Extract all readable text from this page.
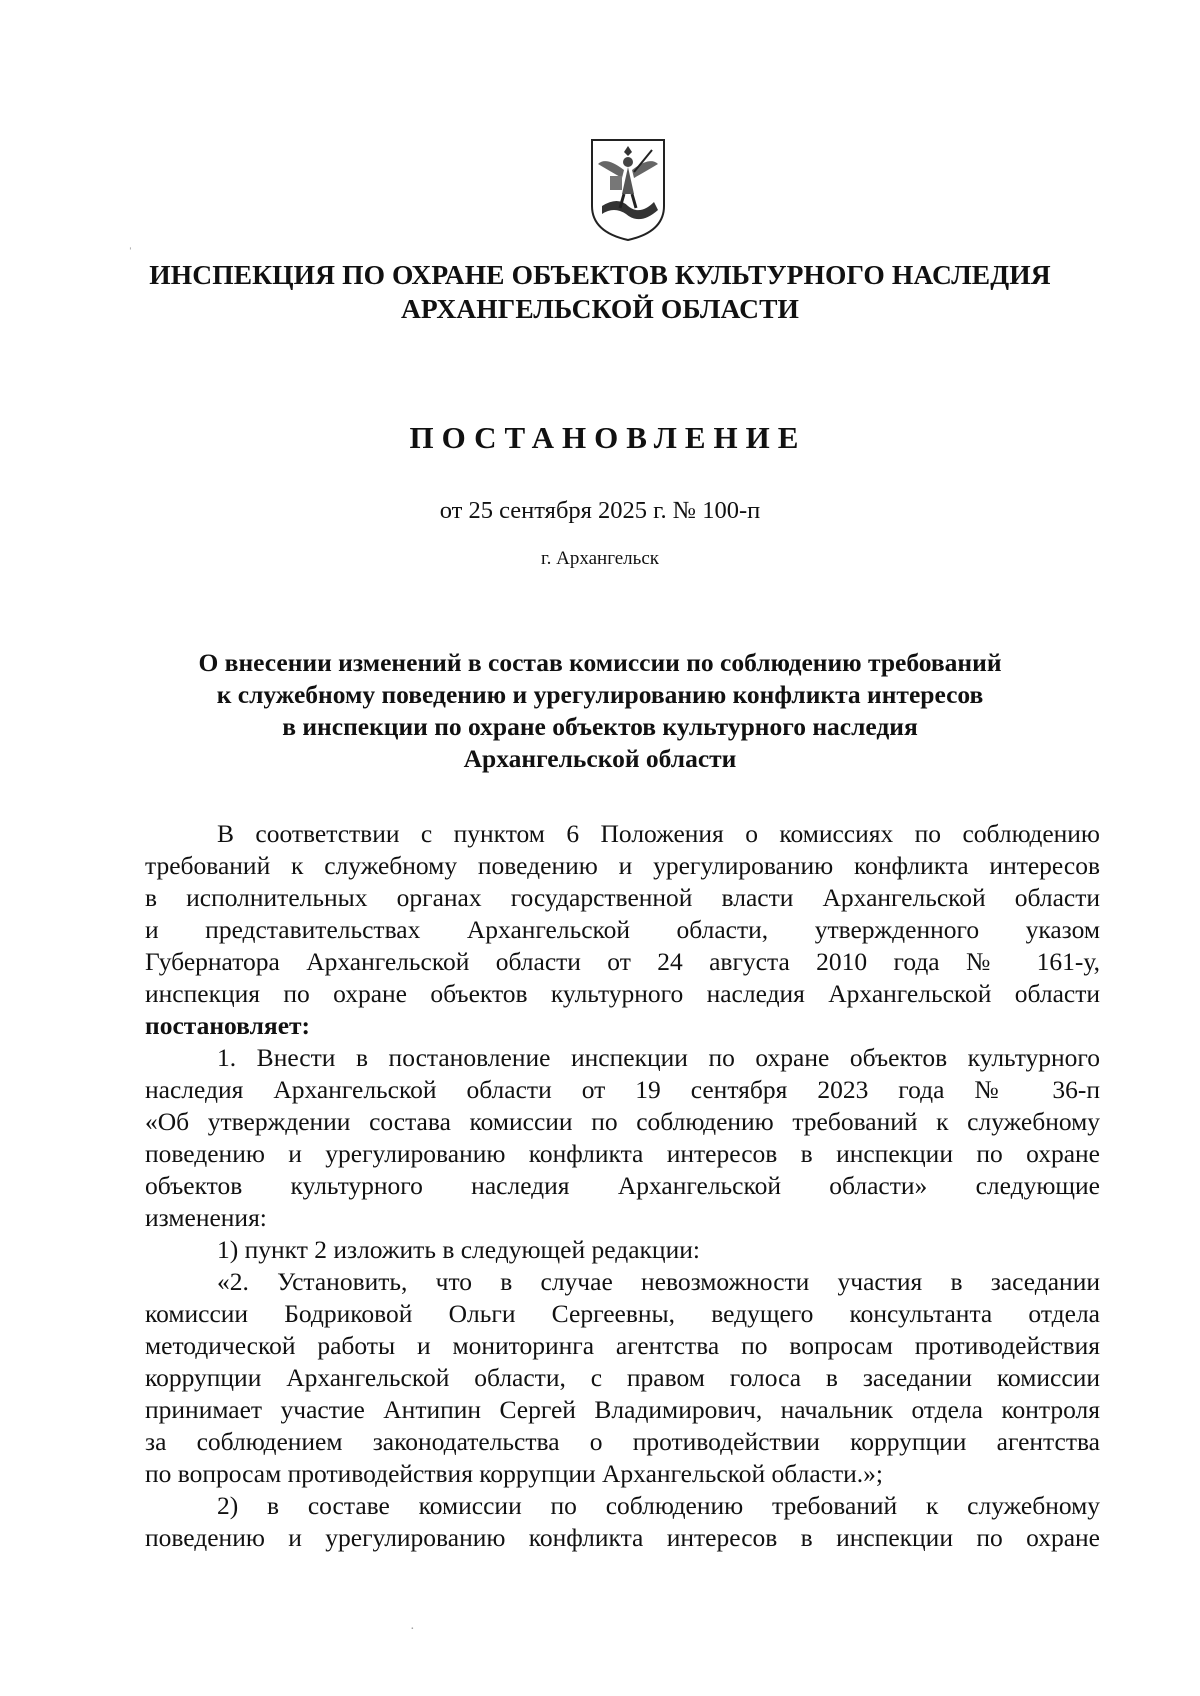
ИНСПЕКЦИЯ ПО ОХРАНЕ ОБЪЕКТОВ КУЛЬТУРНОГО НАСЛЕДИЯ
АРХАНГЕЛЬСКОЙ ОБЛАСТИ
ПОСТАНОВЛЕНИЕ
от 25 сентября 2025 г. № 100-п
г. Архангельск
О внесении изменений в состав комиссии по соблюдению требований
к служебному поведению и урегулированию конфликта интересов
в инспекции по охране объектов культурного наследия
Архангельской области
В соответствии с пунктом 6 Положения о комиссиях по соблюдению
требований к служебному поведению и урегулированию конфликта интересов
в исполнительных органах государственной власти Архангельской области
и представительствах Архангельской области, утвержденного указом
Губернатора Архангельской области от 24 августа 2010 года № 161-у,
инспекция по охране объектов культурного наследия Архангельской области
постановляет:
1. Внести в постановление инспекции по охране объектов культурного
наследия Архангельской области от 19 сентября 2023 года № 36-п
«Об утверждении состава комиссии по соблюдению требований к служебному
поведению и урегулированию конфликта интересов в инспекции по охране
объектов культурного наследия Архангельской области» следующие
изменения:
1) пункт 2 изложить в следующей редакции:
«2. Установить, что в случае невозможности участия в заседании
комиссии Бодриковой Ольги Сергеевны, ведущего консультанта отдела
методической работы и мониторинга агентства по вопросам противодействия
коррупции Архангельской области, с правом голоса в заседании комиссии
принимает участие Антипин Сергей Владимирович, начальник отдела контроля
за соблюдением законодательства о противодействии коррупции агентства
по вопросам противодействия коррупции Архангельской области.»;
2) в составе комиссии по соблюдению требований к служебному
поведению и урегулированию конфликта интересов в инспекции по охране
ˈ
·
